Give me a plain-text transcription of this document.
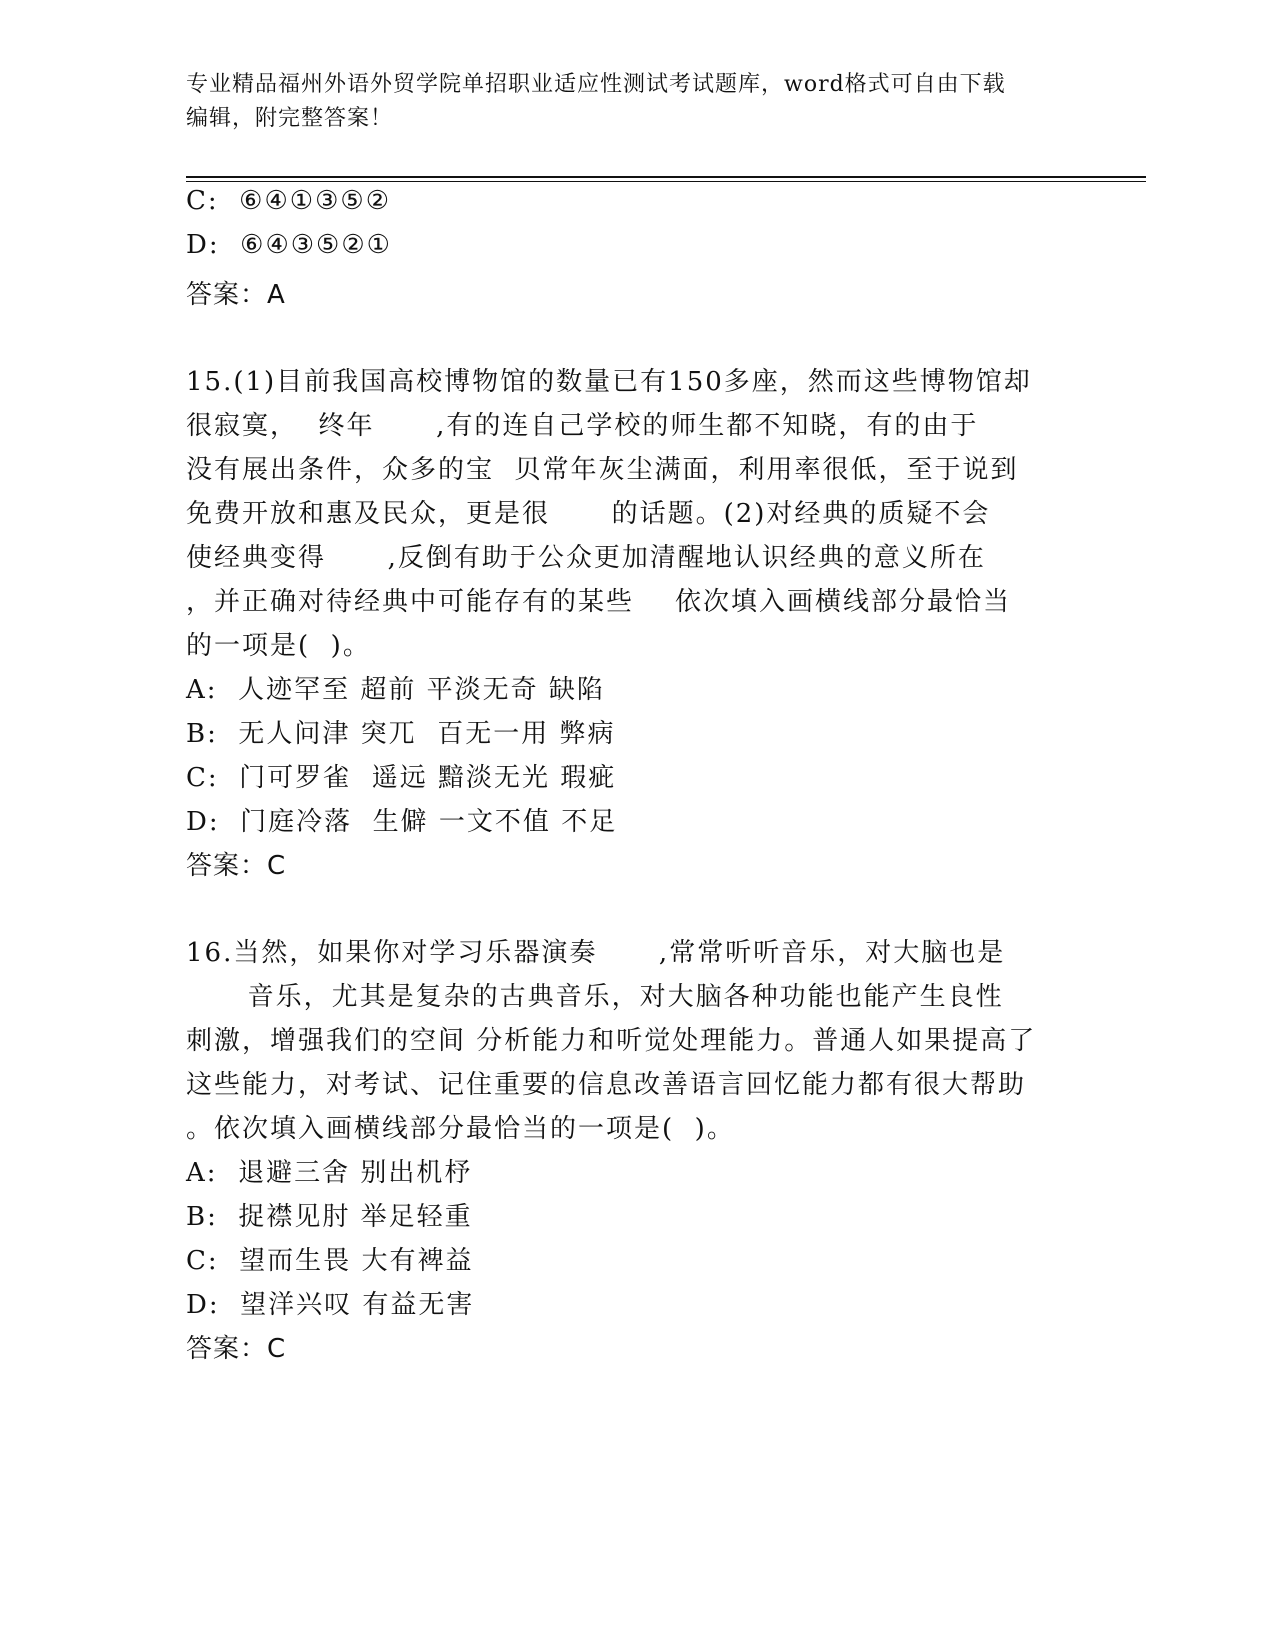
专业精品福州外语外贸学院单招职业适应性测试考试题库，word格式可自由下载
编辑，附完整答案！
C:  ⑥④①③⑤②
D:  ⑥④③⑤②①
答案：A
15.(1)目前我国高校博物馆的数量已有150多座，然而这些博物馆却
很寂寞，  终年      ,有的连自己学校的师生都不知晓，有的由于
没有展出条件，众多的宝  贝常年灰尘满面，利用率很低，至于说到
免费开放和惠及民众，更是很      的话题。(2)对经典的质疑不会
使经典变得      ,反倒有助于公众更加清醒地认识经典的意义所在
，并正确对待经典中可能存有的某些    依次填入画横线部分最恰当
的一项是(  )。
A:  人迹罕至 超前 平淡无奇 缺陷
B:  无人问津 突兀  百无一用 弊病
C:  门可罗雀  遥远 黯淡无光 瑕疵
D:  门庭冷落  生僻 一文不值 不足
答案：C
16.当然，如果你对学习乐器演奏      ,常常听听音乐，对大脑也是
音乐，尤其是复杂的古典音乐，对大脑各种功能也能产生良性
刺激，增强我们的空间 分析能力和听觉处理能力。普通人如果提高了
这些能力，对考试、记住重要的信息改善语言回忆能力都有很大帮助
。依次填入画横线部分最恰当的一项是(  )。
A:  退避三舍 别出机杼
B:  捉襟见肘 举足轻重
C:  望而生畏 大有裨益
D:  望洋兴叹 有益无害
答案：C
